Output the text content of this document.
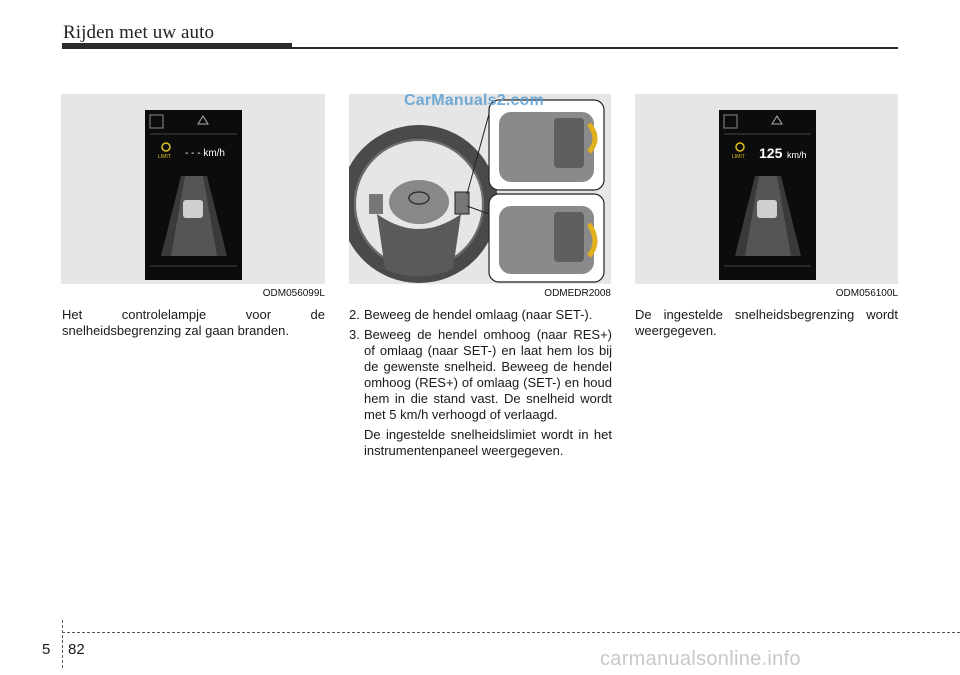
Rijden met uw auto
LIMIT - - - km/h
ODM056099L	ODMEDR2008
LIMIT 125 km/h
ODM056100L
Het controlelampje voor de snelheidsbegrenzing zal gaan branden.
2. Beweeg de hendel omlaag (naar SET-).

3. Beweeg de hendel omhoog (naar RES+) of omlaag (naar SET-) en laat hem los bij de gewenste snelheid. Beweeg de hendel omhoog (RES+) of omlaag (SET-) en houd hem in die stand vast. De snelheid wordt met 5 km/h verhoogd of verlaagd.

De ingestelde snelheidslimiet wordt in het instrumentenpaneel weergegeven.
De ingestelde snelheidsbegrenzing wordt weergegeven.
5 82
CarManuals2.com
carmanualsonline.info
